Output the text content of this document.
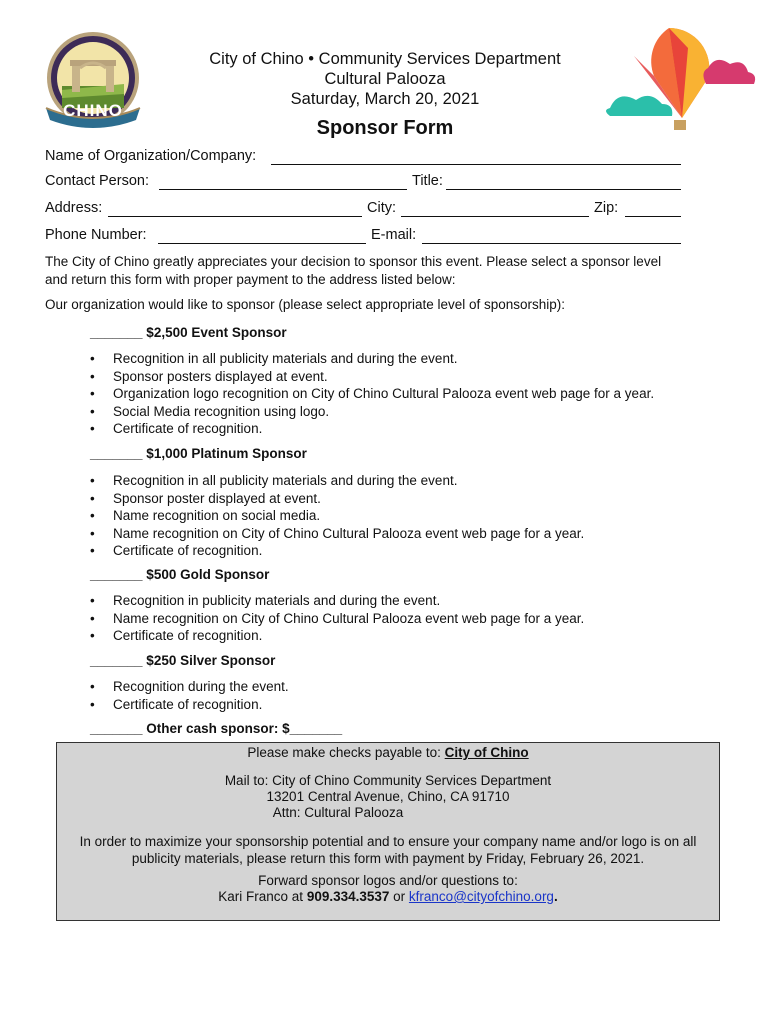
CHINO
City of Chino • Community Services Department
Cultural Palooza
Saturday, March 20, 2021
Sponsor Form
Name of Organization/Company:
Contact Person:	Title:
Address:	City:	Zip:
Phone Number:	E-mail:
The City of Chino greatly appreciates your decision to sponsor this event. Please select a sponsor level and return this form with proper payment to the address listed below:
Our organization would like to sponsor (please select appropriate level of sponsorship):
_______ $2,500 Event Sponsor
• Recognition in all publicity materials and during the event.
• Sponsor posters displayed at event.
• Organization logo recognition on City of Chino Cultural Palooza event web page for a year.
• Social Media recognition using logo.
• Certificate of recognition.
_______ $1,000 Platinum Sponsor
• Recognition in all publicity materials and during the event.
• Sponsor poster displayed at event.
• Name recognition on social media.
• Name recognition on City of Chino Cultural Palooza event web page for a year.
• Certificate of recognition.
_______ $500 Gold Sponsor
• Recognition in publicity materials and during the event.
• Name recognition on City of Chino Cultural Palooza event web page for a year.
• Certificate of recognition.
_______ $250 Silver Sponsor
• Recognition during the event.
• Certificate of recognition.
_______ Other cash sponsor: $_______
Please make checks payable to: City of Chino
Mail to: City of Chino Community Services Department
13201 Central Avenue, Chino, CA 91710
Attn: Cultural Palooza
In order to maximize your sponsorship potential and to ensure your company name and/or logo is on all
publicity materials, please return this form with payment by Friday, February 26, 2021.
Forward sponsor logos and/or questions to:
Kari Franco at 909.334.3537 or kfranco@cityofchino.org.
